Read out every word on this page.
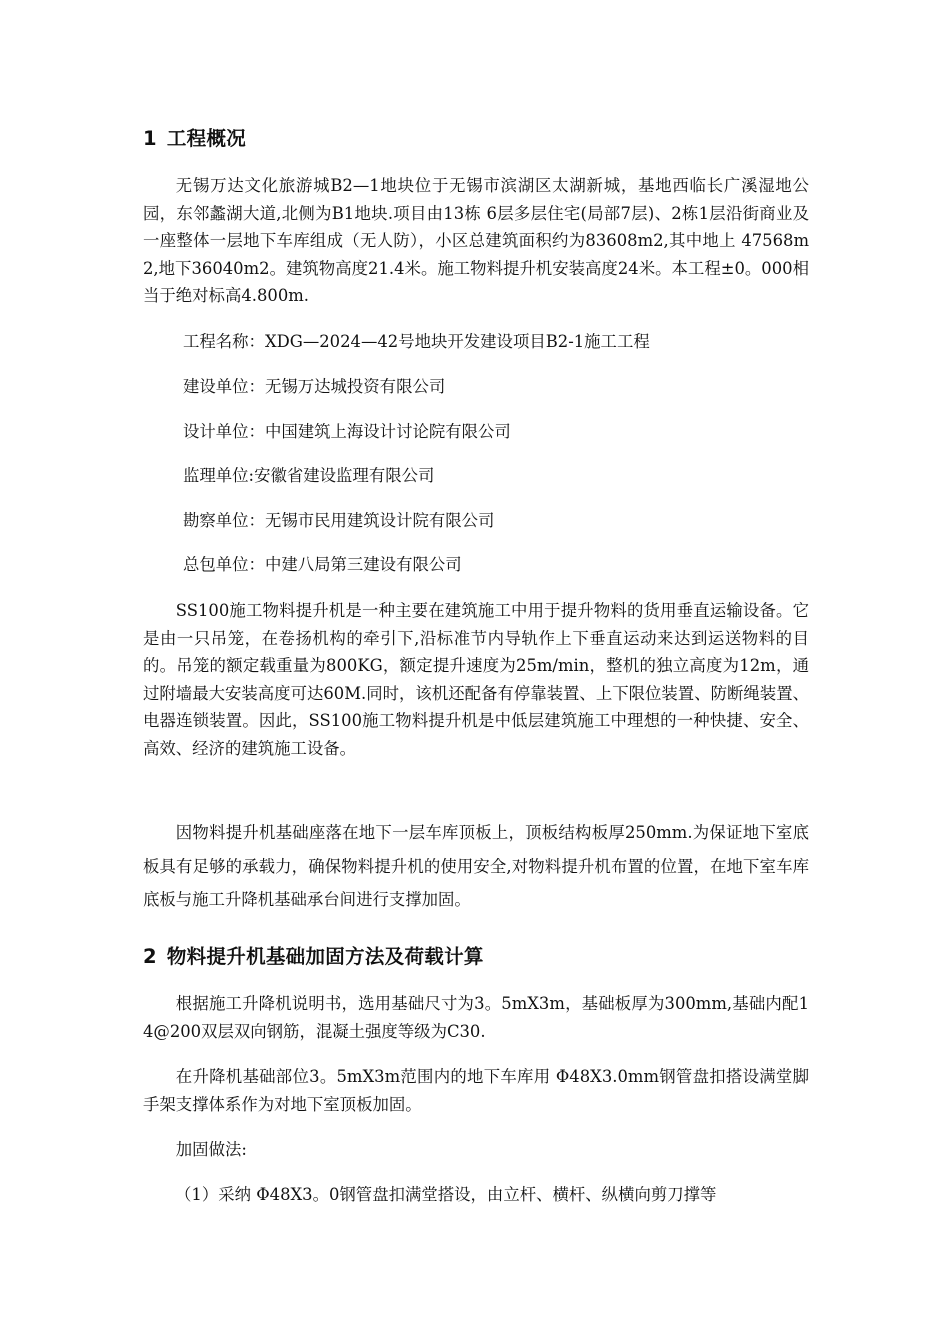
1 工程概况

无锡万达文化旅游城B2—1地块位于无锡市滨湖区太湖新城，基地西临长广溪湿地公园，东邻蠡湖大道,北侧为B1地块.项目由13栋 6层多层住宅(局部7层)、2栋1层沿街商业及一座整体一层地下车库组成（无人防），小区总建筑面积约为83608m2,其中地上 47568m2,地下36040m2。建筑物高度21.4米。施工物料提升机安装高度24米。本工程±0。000相当于绝对标高4.800m.

工程名称：XDG—2024—42号地块开发建设项目B2-1施工工程
建设单位：无锡万达城投资有限公司
设计单位：中国建筑上海设计讨论院有限公司
监理单位:安徽省建设监理有限公司
勘察单位：无锡市民用建筑设计院有限公司
总包单位：中建八局第三建设有限公司

SS100施工物料提升机是一种主要在建筑施工中用于提升物料的货用垂直运输设备。它是由一只吊笼，在卷扬机构的牵引下,沿标准节内导轨作上下垂直运动来达到运送物料的目的。吊笼的额定载重量为800KG，额定提升速度为25m/min，整机的独立高度为12m，通过附墙最大安装高度可达60M.同时，该机还配备有停靠装置、上下限位装置、防断绳装置、电器连锁装置。因此，SS100施工物料提升机是中低层建筑施工中理想的一种快捷、安全、高效、经济的建筑施工设备。

因物料提升机基础座落在地下一层车库顶板上，顶板结构板厚250mm.为保证地下室底板具有足够的承载力，确保物料提升机的使用安全,对物料提升机布置的位置，在地下室车库底板与施工升降机基础承台间进行支撑加固。

2 物料提升机基础加固方法及荷载计算

根据施工升降机说明书，选用基础尺寸为3。5mX3m，基础板厚为300mm,基础内配14@200双层双向钢筋，混凝土强度等级为C30.

在升降机基础部位3。5mX3m范围内的地下车库用 Φ48X3.0mm钢管盘扣搭设满堂脚手架支撑体系作为对地下室顶板加固。

加固做法:

（1）采纳 Φ48X3。0钢管盘扣满堂搭设，由立杆、横杆、纵横向剪刀撑等
